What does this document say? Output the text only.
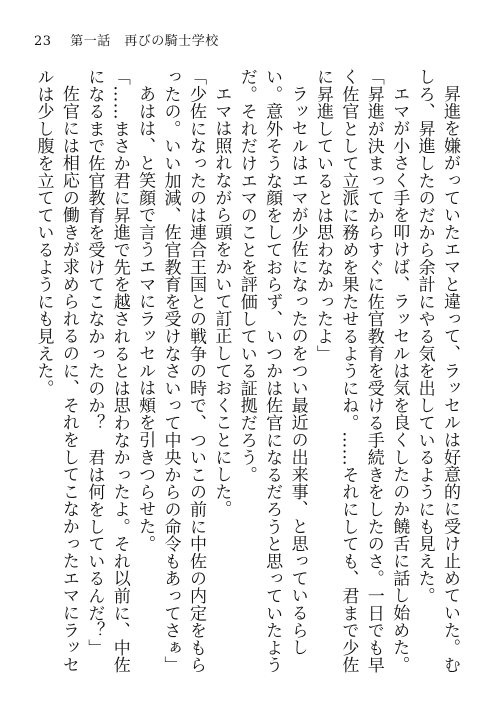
23 第一話　再びの騎士学校

昇進を嫌がっていたエマと違って、ラッセルは好意的に受け止めていた。むしろ、昇進したのだから余計にやる気を出しているようにも見えた。

エマが小さく手を叩けば、ラッセルは気を良くしたのか饒舌に話し始めた。

「昇進が決まってからすぐに佐官教育を受ける手続きをしたのさ。一日でも早く佐官として立派に務めを果たせるようにね。……それにしても、君まで少佐に昇進しているとは思わなかったよ」

ラッセルはエマが少佐になったのをつい最近の出来事、と思っているらしい。意外そうな顔をしておらず、いつかは佐官になるだろうと思っていたようだ。それだけエマのことを評価している証拠だろう。

エマは照れながら頭をかいて訂正しておくことにした。

「少佐になったのは連合王国との戦争の時で、ついこの前に中佐の内定をもらったの。いい加減、佐官教育を受けなさいって中央からの命令もあってさぁ」

あはは、と笑顔で言うエマにラッセルは頰を引きつらせた。

「……まさか君に昇進で先を越されるとは思わなかったよ。それ以前に、中佐になるまで佐官教育を受けてこなかったのか？　君は何をしているんだ？」

佐官には相応の働きが求められるのに、それをしてこなかったエマにラッセルは少し腹を立てているようにも見えた。
